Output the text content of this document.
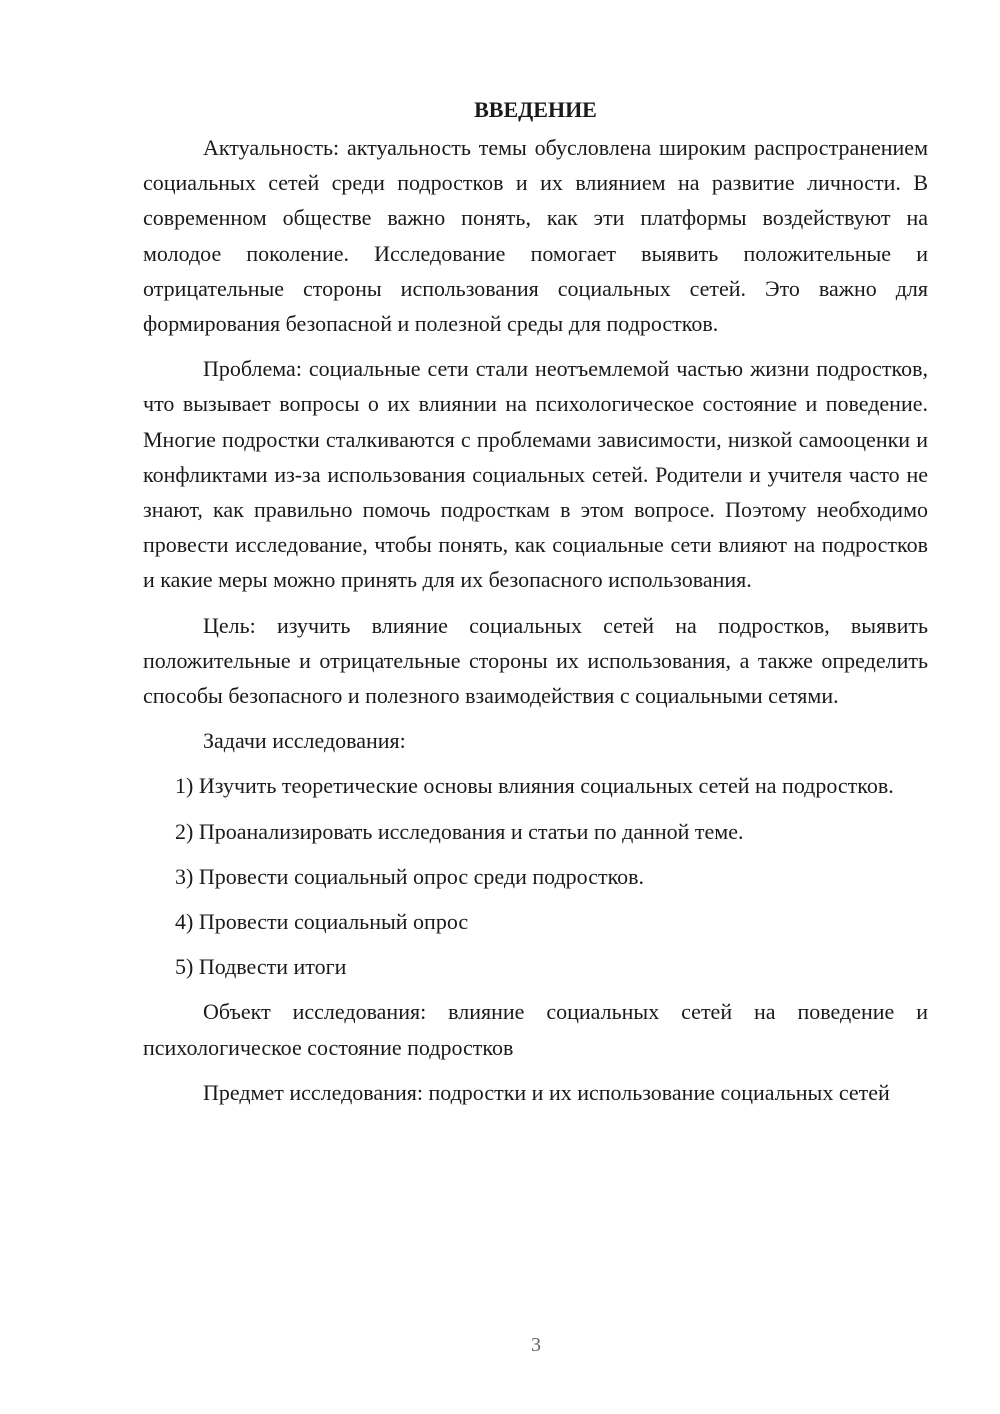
ВВЕДЕНИЕ

Актуальность: актуальность темы обусловлена широким распространением социальных сетей среди подростков и их влиянием на развитие личности. В современном обществе важно понять, как эти платформы воздействуют на молодое поколение. Исследование помогает выявить положительные и отрицательные стороны использования социальных сетей. Это важно для формирования безопасной и полезной среды для подростков.

Проблема: социальные сети стали неотъемлемой частью жизни подростков, что вызывает вопросы о их влиянии на психологическое состояние и поведение. Многие подростки сталкиваются с проблемами зависимости, низкой самооценки и конфликтами из-за использования социальных сетей. Родители и учителя часто не знают, как правильно помочь подросткам в этом вопросе. Поэтому необходимо провести исследование, чтобы понять, как социальные сети влияют на подростков и какие меры можно принять для их безопасного использования.

Цель: изучить влияние социальных сетей на подростков, выявить положительные и отрицательные стороны их использования, а также определить способы безопасного и полезного взаимодействия с социальными сетями.

Задачи исследования:

1) Изучить теоретические основы влияния социальных сетей на подростков.

2) Проанализировать исследования и статьи по данной теме.

3) Провести социальный опрос среди подростков.

4) Провести социальный опрос

5) Подвести итоги

Объект исследования: влияние социальных сетей на поведение и психологическое состояние подростков

Предмет исследования: подростки и их использование социальных сетей

3
